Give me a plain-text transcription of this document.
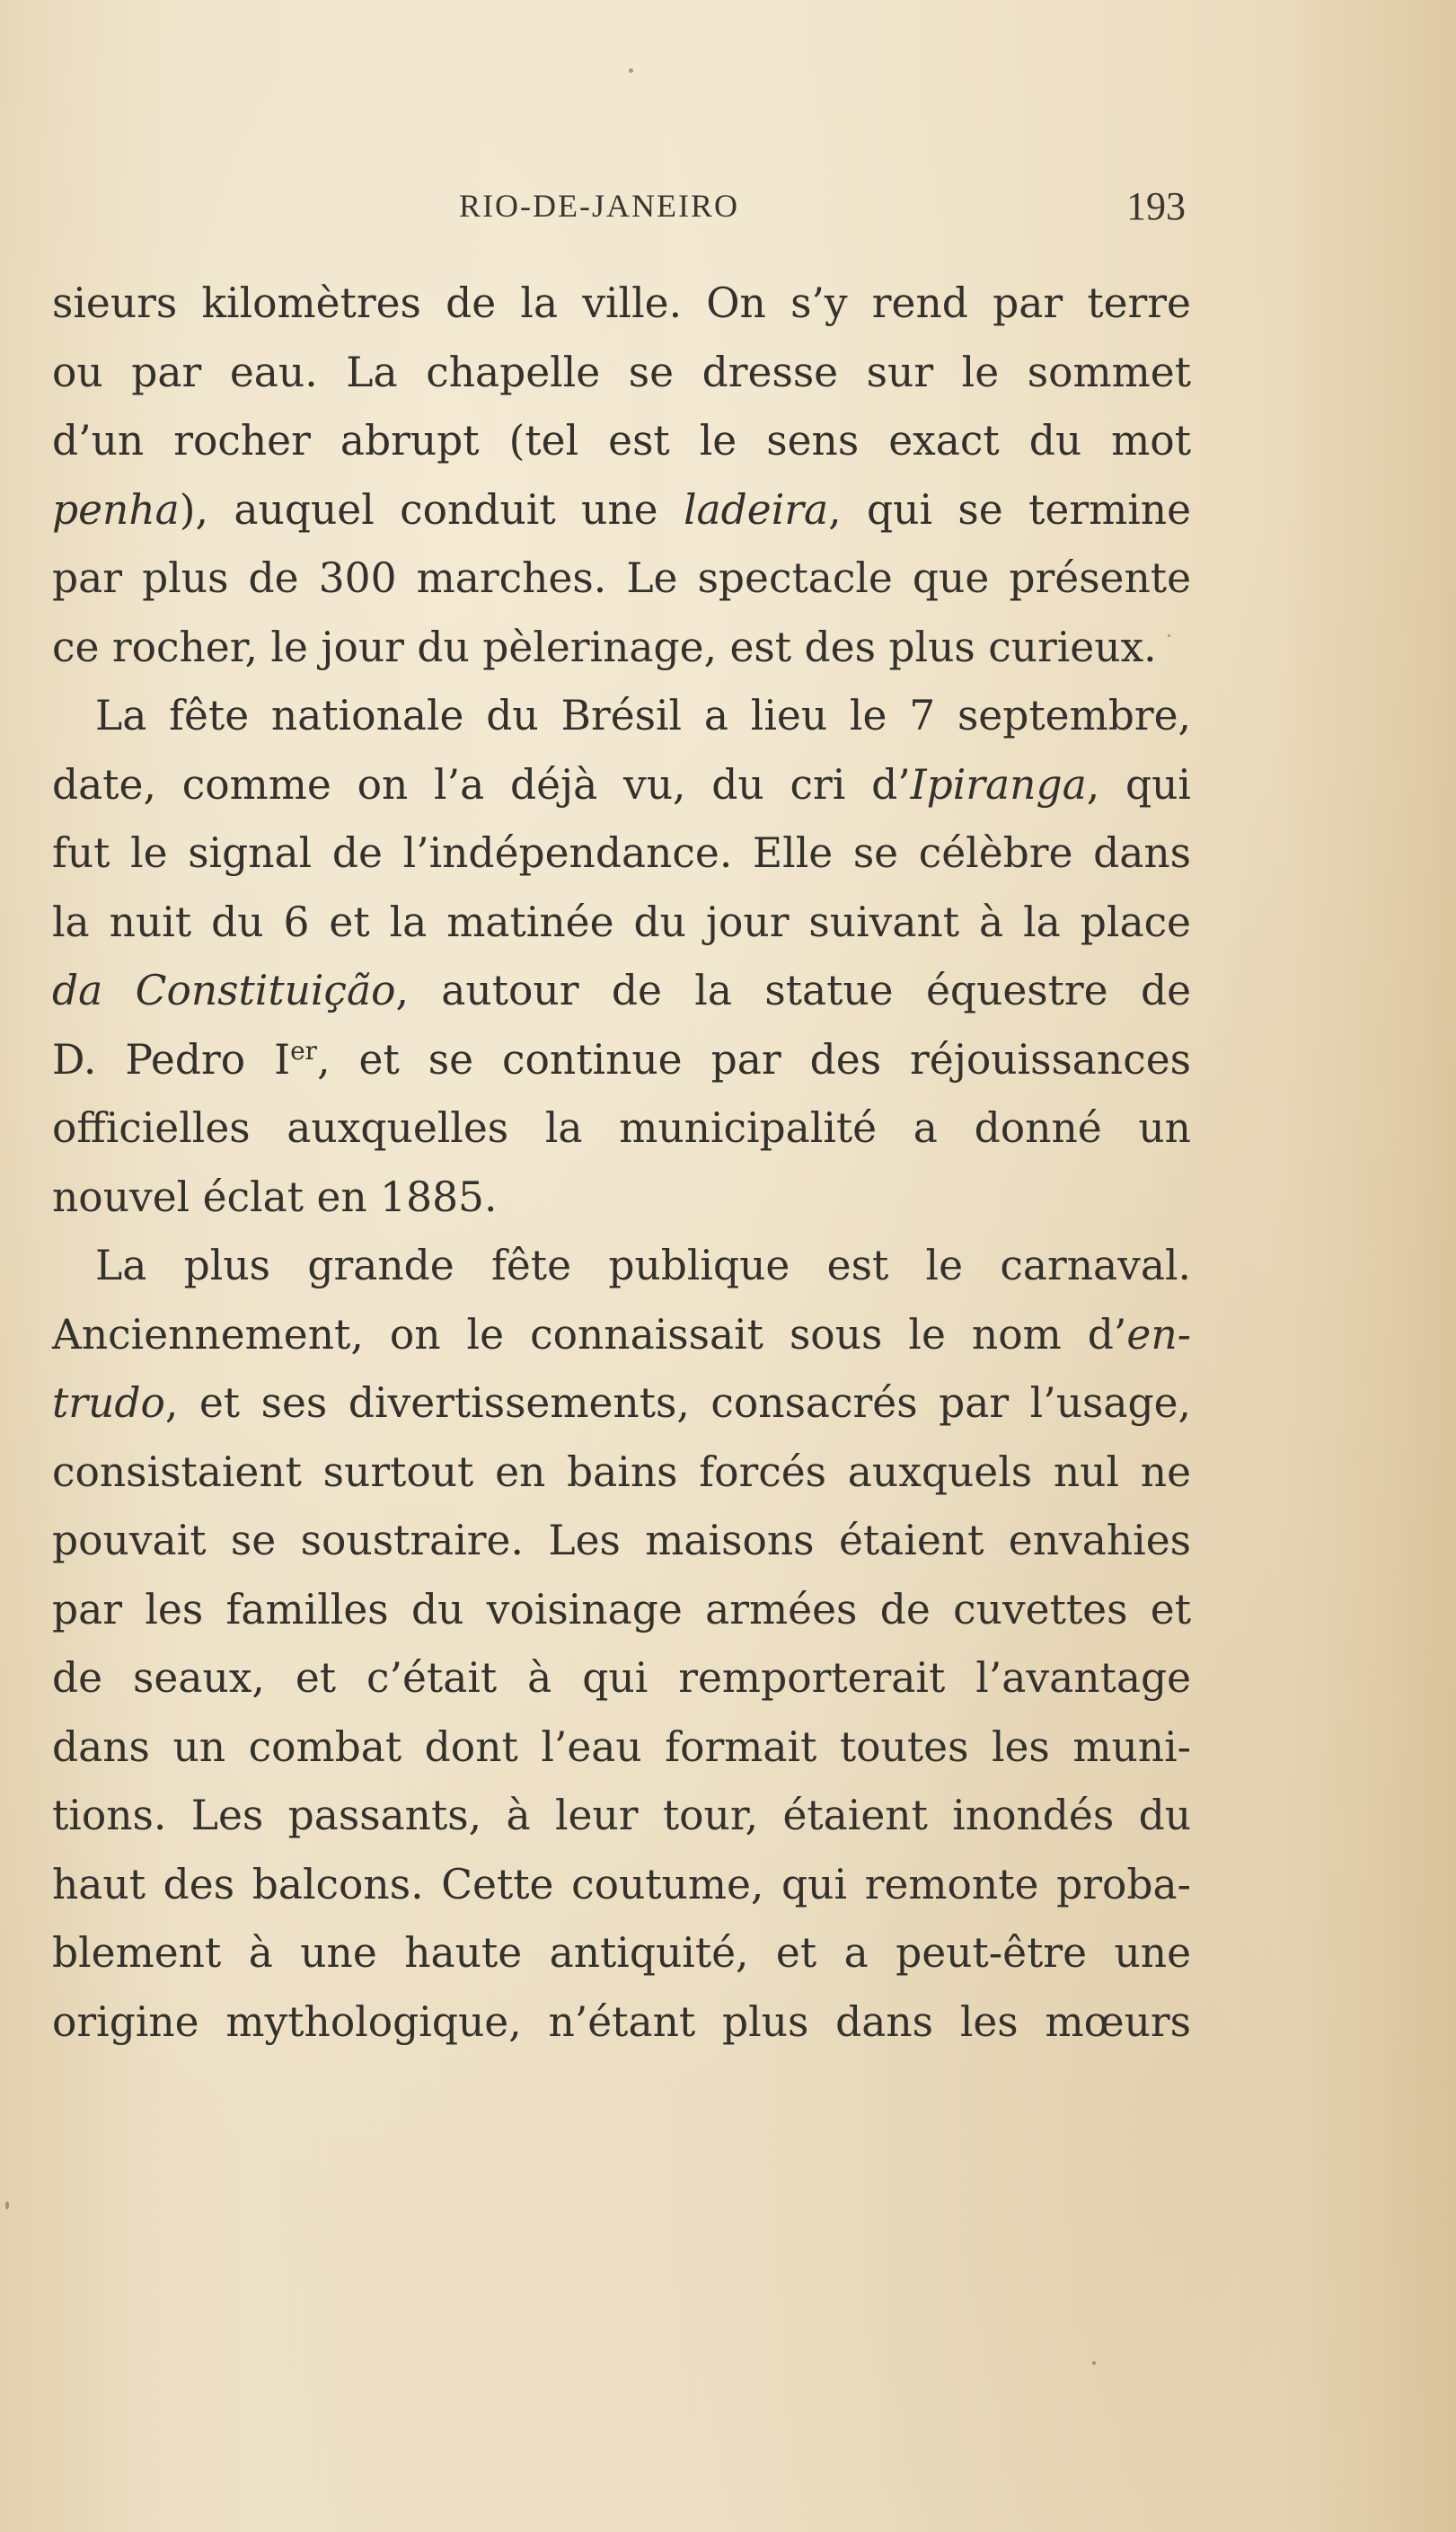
RIO-DE-JANEIRO	193
sieurs kilomètres de la ville. On s’y rend par terre
ou par eau. La chapelle se dresse sur le sommet
d’un rocher abrupt (tel est le sens exact du mot
penha), auquel conduit une ladeira, qui se termine
par plus de 300 marches. Le spectacle que présente
ce rocher, le jour du pèlerinage, est des plus curieux.
La fête nationale du Brésil a lieu le 7 septembre,
date, comme on l’a déjà vu, du cri d’Ipiranga, qui
fut le signal de l’indépendance. Elle se célèbre dans
la nuit du 6 et la matinée du jour suivant à la place
da Constituição, autour de la statue équestre de
D. Pedro Ier, et se continue par des réjouissances
officielles auxquelles la municipalité a donné un
nouvel éclat en 1885.
La plus grande fête publique est le carnaval.
Anciennement, on le connaissait sous le nom d’en-
trudo, et ses divertissements, consacrés par l’usage,
consistaient surtout en bains forcés auxquels nul ne
pouvait se soustraire. Les maisons étaient envahies
par les familles du voisinage armées de cuvettes et
de seaux, et c’était à qui remporterait l’avantage
dans un combat dont l’eau formait toutes les muni-
tions. Les passants, à leur tour, étaient inondés du
haut des balcons. Cette coutume, qui remonte proba-
blement à une haute antiquité, et a peut-être une
origine mythologique, n’étant plus dans les mœurs
